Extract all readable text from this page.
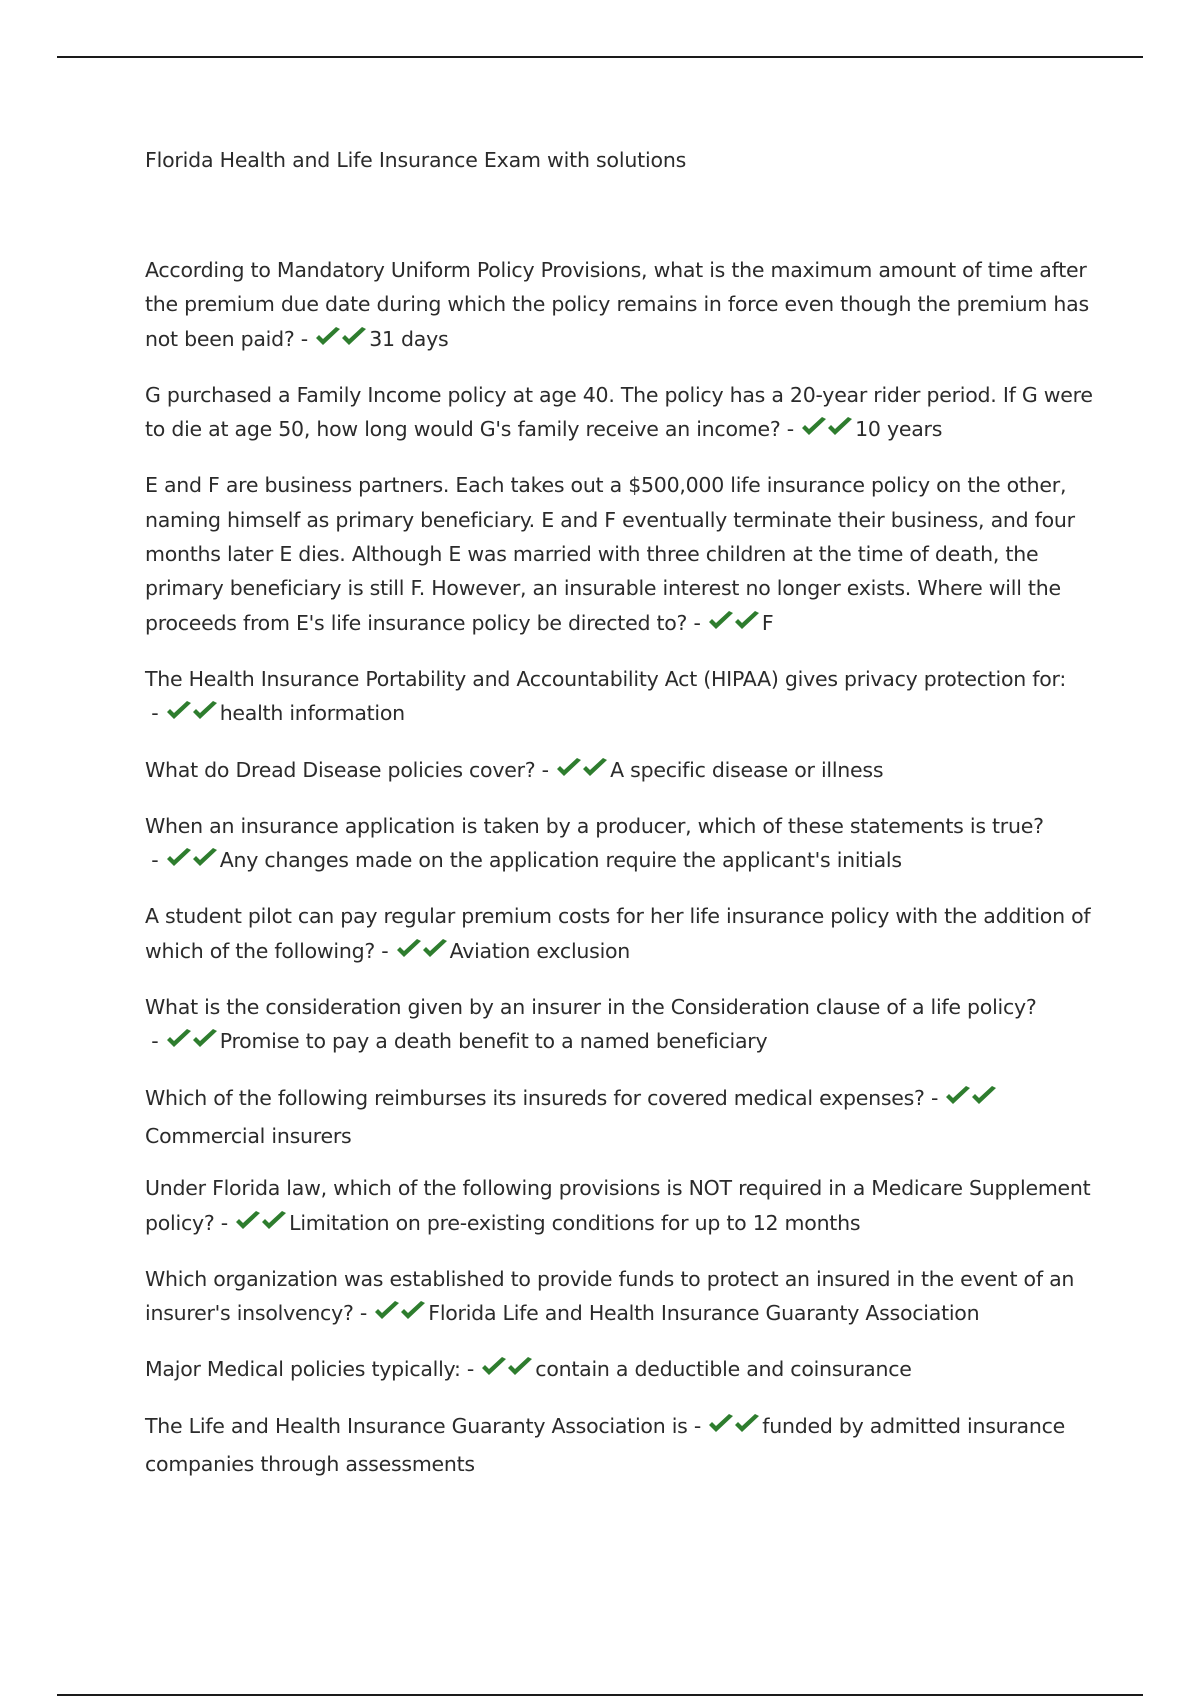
Florida Health and Life Insurance Exam with solutions

According to Mandatory Uniform Policy Provisions, what is the maximum amount of time after the premium due date during which the policy remains in force even though the premium has not been paid? -	31 days

G purchased a Family Income policy at age 40. The policy has a 20-year rider period. If G were to die at age 50, how long would G's family receive an income? -	10 years

E and F are business partners. Each takes out a $500,000 life insurance policy on the other, naming himself as primary beneficiary. E and F eventually terminate their business, and four months later E dies. Although E was married with three children at the time of death, the primary beneficiary is still F. However, an insurable interest no longer exists. Where will the proceeds from E's life insurance policy be directed to? -	F

The Health Insurance Portability and Accountability Act (HIPAA) gives privacy protection for: -	health information

What do Dread Disease policies cover? -	A specific disease or illness

When an insurance application is taken by a producer, which of these statements is true? -	Any changes made on the application require the applicant's initials

A student pilot can pay regular premium costs for her life insurance policy with the addition of which of the following? -	Aviation exclusion

What is the consideration given by an insurer in the Consideration clause of a life policy? -	Promise to pay a death benefit to a named beneficiary

Which of the following reimburses its insureds for covered medical expenses? -
Commercial insurers

Under Florida law, which of the following provisions is NOT required in a Medicare Supplement policy? -	Limitation on pre-existing conditions for up to 12 months

Which organization was established to provide funds to protect an insured in the event of an insurer's insolvency? -	Florida Life and Health Insurance Guaranty Association

Major Medical policies typically: -	contain a deductible and coinsurance

The Life and Health Insurance Guaranty Association is -	funded by admitted insurance companies through assessments
